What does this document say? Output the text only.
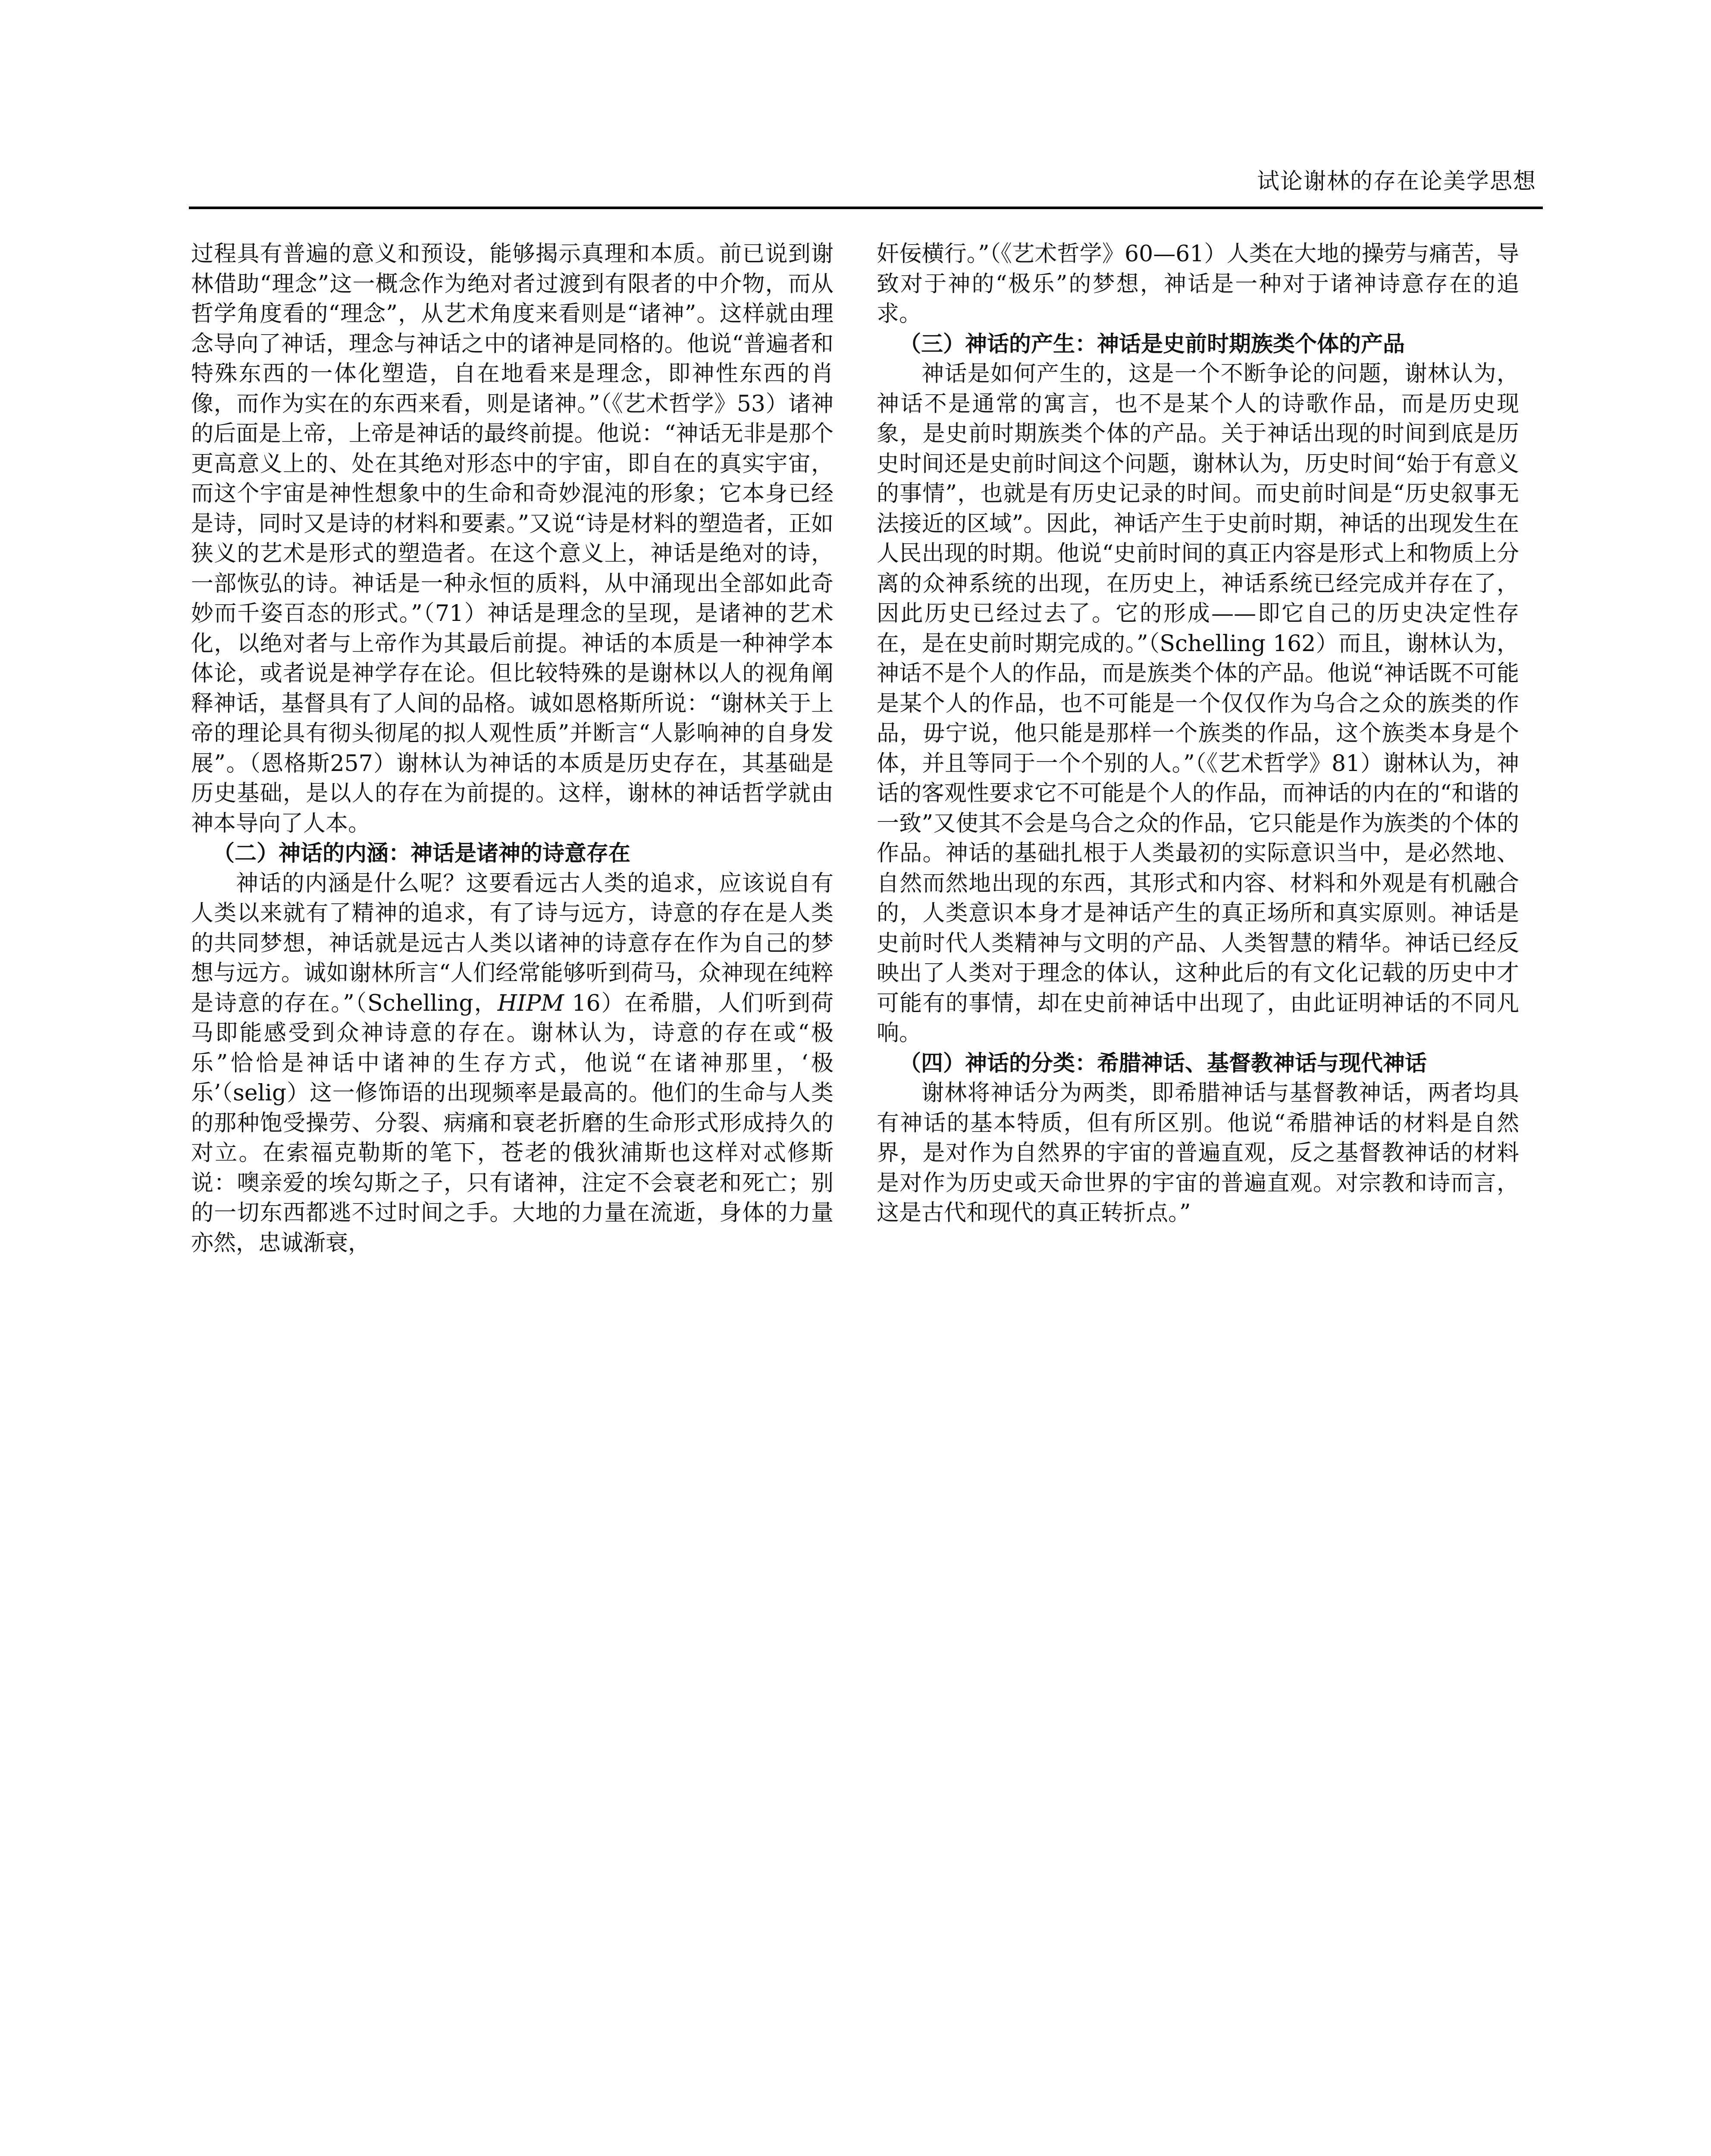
试论谢林的存在论美学思想

过程具有普遍的意义和预设，能够揭示真理和本质。前已说到谢林借助“理念”这一概念作为绝对者过渡到有限者的中介物，而从哲学角度看的“理念”，从艺术角度来看则是“诸神”。这样就由理念导向了神话，理念与神话之中的诸神是同格的。他说“普遍者和特殊东西的一体化塑造，自在地看来是理念，即神性东西的肖像，而作为实在的东西来看，则是诸神。”（《艺术哲学》53）诸神的后面是上帝，上帝是神话的最终前提。他说：“神话无非是那个更高意义上的、处在其绝对形态中的宇宙，即自在的真实宇宙，而这个宇宙是神性想象中的生命和奇妙混沌的形象；它本身已经是诗，同时又是诗的材料和要素。”又说“诗是材料的塑造者，正如狭义的艺术是形式的塑造者。在这个意义上，神话是绝对的诗，一部恢弘的诗。神话是一种永恒的质料，从中涌现出全部如此奇妙而千姿百态的形式。”（71）神话是理念的呈现，是诸神的艺术化，以绝对者与上帝作为其最后前提。神话的本质是一种神学本体论，或者说是神学存在论。但比较特殊的是谢林以人的视角阐释神话，基督具有了人间的品格。诚如恩格斯所说：“谢林关于上帝的理论具有彻头彻尾的拟人观性质”并断言“人影响神的自身发展”。（恩格斯257）谢林认为神话的本质是历史存在，其基础是历史基础，是以人的存在为前提的。这样，谢林的神话哲学就由神本导向了人本。

（二）神话的内涵：神话是诸神的诗意存在

神话的内涵是什么呢？这要看远古人类的追求，应该说自有人类以来就有了精神的追求，有了诗与远方，诗意的存在是人类的共同梦想，神话就是远古人类以诸神的诗意存在作为自己的梦想与远方。诚如谢林所言“人们经常能够听到荷马，众神现在纯粹是诗意的存在。”（Schelling，HIPM 16）在希腊，人们听到荷马即能感受到众神诗意的存在。谢林认为，诗意的存在或“极乐”恰恰是神话中诸神的生存方式，他说“在诸神那里，‘极乐’（selig）这一修饰语的出现频率是最高的。他们的生命与人类的那种饱受操劳、分裂、病痛和衰老折磨的生命形式形成持久的对立。在索福克勒斯的笔下，苍老的俄狄浦斯也这样对忒修斯说：噢亲爱的埃勾斯之子，只有诸神，注定不会衰老和死亡；别的一切东西都逃不过时间之手。大地的力量在流逝，身体的力量亦然，忠诚渐衰，

奸佞横行。”（《艺术哲学》60—61）人类在大地的操劳与痛苦，导致对于神的“极乐”的梦想，神话是一种对于诸神诗意存在的追求。

（三）神话的产生：神话是史前时期族类个体的产品

神话是如何产生的，这是一个不断争论的问题，谢林认为，神话不是通常的寓言，也不是某个人的诗歌作品，而是历史现象，是史前时期族类个体的产品。关于神话出现的时间到底是历史时间还是史前时间这个问题，谢林认为，历史时间“始于有意义的事情”，也就是有历史记录的时间。而史前时间是“历史叙事无法接近的区域”。因此，神话产生于史前时期，神话的出现发生在人民出现的时期。他说“史前时间的真正内容是形式上和物质上分离的众神系统的出现，在历史上，神话系统已经完成并存在了，因此历史已经过去了。它的形成——即它自己的历史决定性存在，是在史前时期完成的。”（Schelling 162）而且，谢林认为，神话不是个人的作品，而是族类个体的产品。他说“神话既不可能是某个人的作品，也不可能是一个仅仅作为乌合之众的族类的作品，毋宁说，他只能是那样一个族类的作品，这个族类本身是个体，并且等同于一个个别的人。”（《艺术哲学》81）谢林认为，神话的客观性要求它不可能是个人的作品，而神话的内在的“和谐的一致”又使其不会是乌合之众的作品，它只能是作为族类的个体的作品。神话的基础扎根于人类最初的实际意识当中，是必然地、自然而然地出现的东西，其形式和内容、材料和外观是有机融合的，人类意识本身才是神话产生的真正场所和真实原则。神话是史前时代人类精神与文明的产品、人类智慧的精华。神话已经反映出了人类对于理念的体认，这种此后的有文化记载的历史中才可能有的事情，却在史前神话中出现了，由此证明神话的不同凡响。

（四）神话的分类：希腊神话、基督教神话与现代神话

谢林将神话分为两类，即希腊神话与基督教神话，两者均具有神话的基本特质，但有所区别。他说“希腊神话的材料是自然界，是对作为自然界的宇宙的普遍直观，反之基督教神话的材料是对作为历史或天命世界的宇宙的普遍直观。对宗教和诗而言，这是古代和现代的真正转折点。”
